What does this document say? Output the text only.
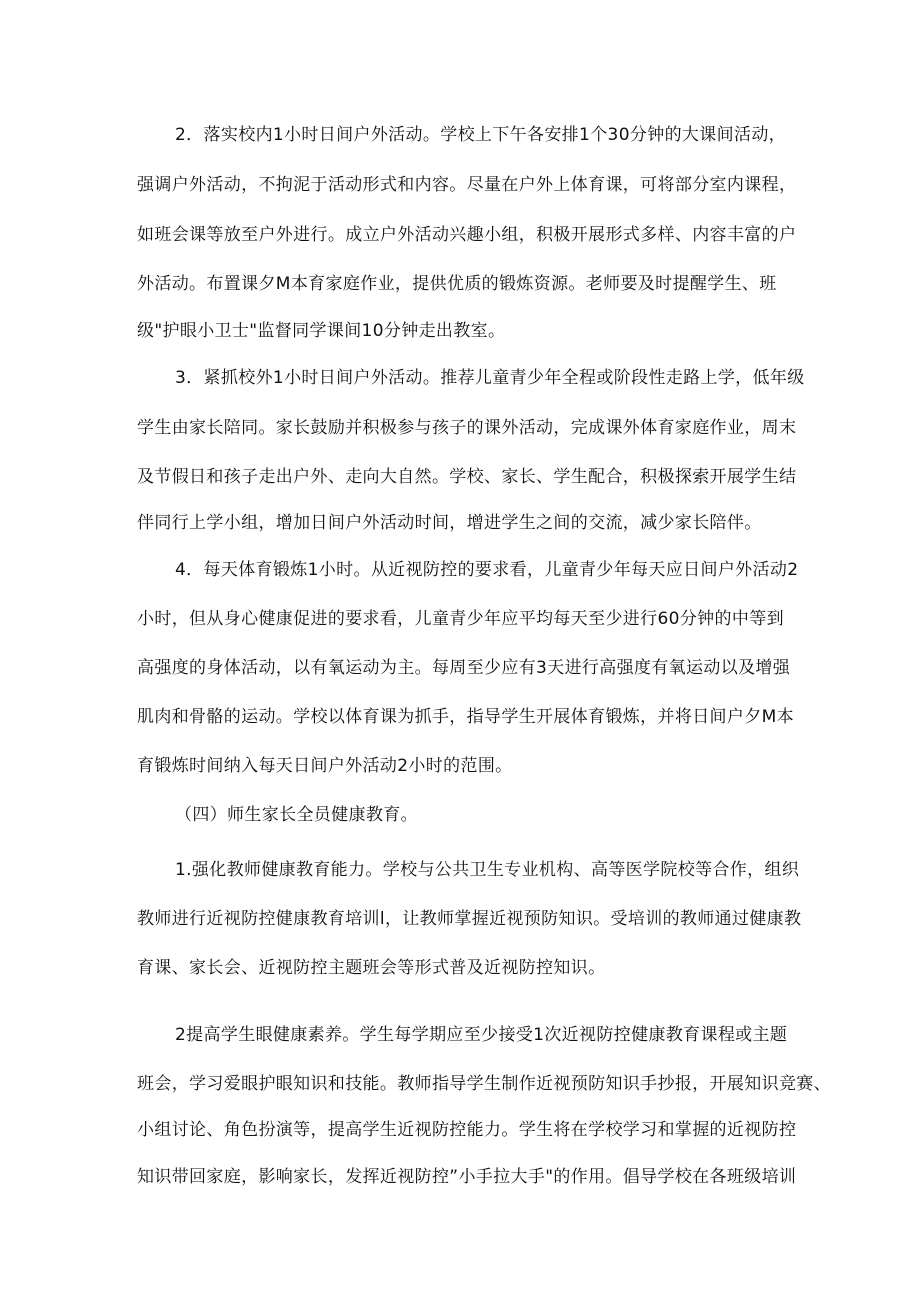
2．落实校内1小时日间户外活动。学校上下午各安排1个30分钟的大课间活动，
强调户外活动，不拘泥于活动形式和内容。尽量在户外上体育课，可将部分室内课程，
如班会课等放至户外进行。成立户外活动兴趣小组，积极开展形式多样、内容丰富的户
外活动。布置课夕M本育家庭作业，提供优质的锻炼资源。老师要及时提醒学生、班
级"护眼小卫士"监督同学课间10分钟走出教室。
3．紧抓校外1小时日间户外活动。推荐儿童青少年全程或阶段性走路上学，低年级
学生由家长陪同。家长鼓励并积极参与孩子的课外活动，完成课外体育家庭作业，周末
及节假日和孩子走出户外、走向大自然。学校、家长、学生配合，积极探索开展学生结
伴同行上学小组，增加日间户外活动时间，增进学生之间的交流，减少家长陪伴。
4．每天体育锻炼1小时。从近视防控的要求看，儿童青少年每天应日间户外活动2
小时，但从身心健康促进的要求看，儿童青少年应平均每天至少进行60分钟的中等到
高强度的身体活动，以有氧运动为主。每周至少应有3天进行高强度有氧运动以及增强
肌肉和骨骼的运动。学校以体育课为抓手，指导学生开展体育锻炼，并将日间户夕M本
育锻炼时间纳入每天日间户外活动2小时的范围。
（四）师生家长全员健康教育。
1.强化教师健康教育能力。学校与公共卫生专业机构、高等医学院校等合作，组织
教师进行近视防控健康教育培训l，让教师掌握近视预防知识。受培训的教师通过健康教
育课、家长会、近视防控主题班会等形式普及近视防控知识。
2提高学生眼健康素养。学生每学期应至少接受1次近视防控健康教育课程或主题
班会，学习爱眼护眼知识和技能。教师指导学生制作近视预防知识手抄报，开展知识竞赛、
小组讨论、角色扮演等，提高学生近视防控能力。学生将在学校学习和掌握的近视防控
知识带回家庭，影响家长，发挥近视防控”小手拉大手"的作用。倡导学校在各班级培训
